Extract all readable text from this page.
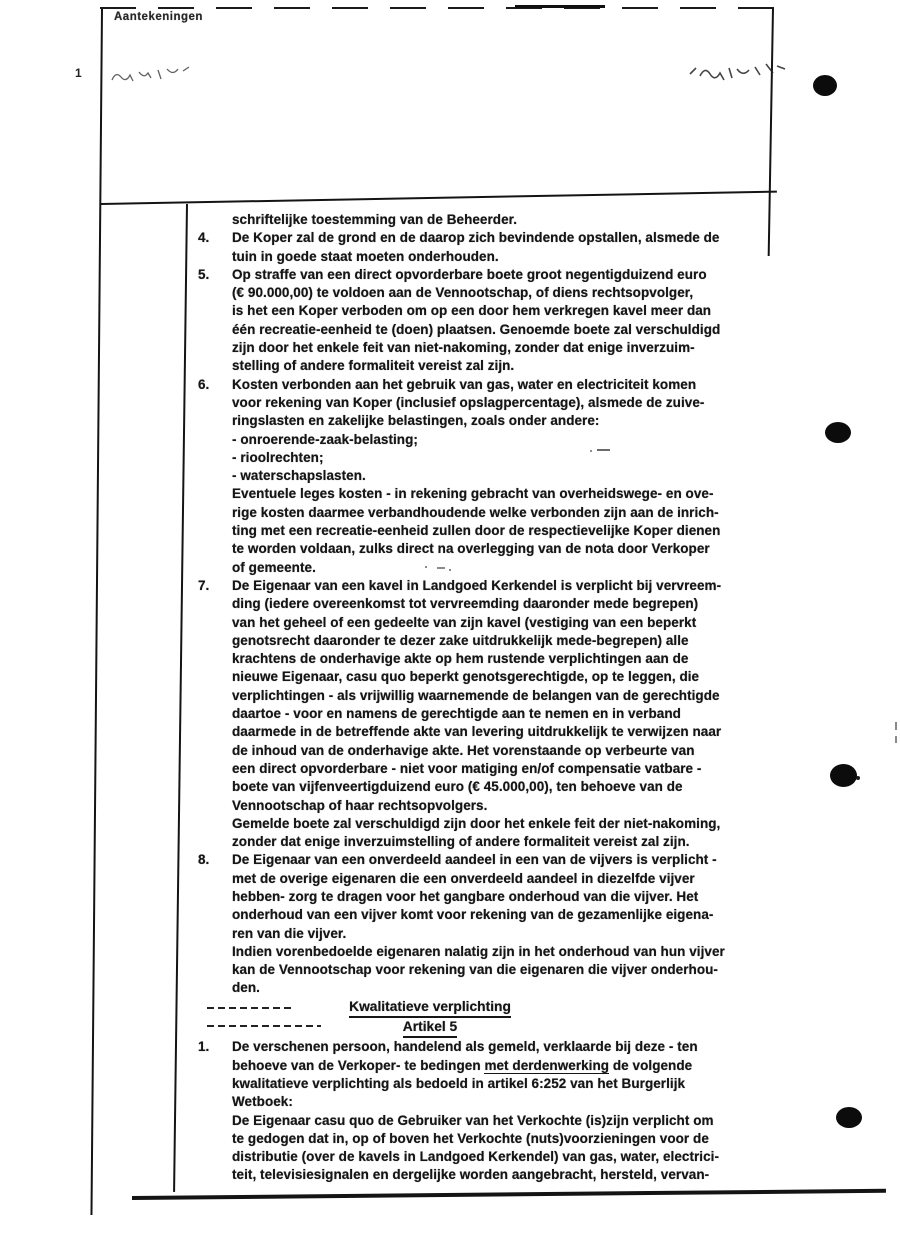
Aantekeningen
1
schriftelijke toestemming van de Beheerder.
4.	De Koper zal de grond en de daarop zich bevindende opstallen, alsmede de
tuin in goede staat moeten onderhouden.
5.	Op straffe van een direct opvorderbare boete groot negentigduizend euro
(€ 90.000,00) te voldoen aan de Vennootschap, of diens rechtsopvolger,
is het een Koper verboden om op een door hem verkregen kavel meer dan
één recreatie-eenheid te (doen) plaatsen. Genoemde boete zal verschuldigd
zijn door het enkele feit van niet-nakoming, zonder dat enige inverzuim-
stelling of andere formaliteit vereist zal zijn.
6.	Kosten verbonden aan het gebruik van gas, water en electriciteit komen
voor rekening van Koper (inclusief opslagpercentage), alsmede de zuive-
ringslasten en zakelijke belastingen, zoals onder andere:
- onroerende-zaak-belasting;
- rioolrechten;
- waterschapslasten.
Eventuele leges kosten - in rekening gebracht van overheidswege- en ove-
rige kosten daarmee verbandhoudende welke verbonden zijn aan de inrich-
ting met een recreatie-eenheid zullen door de respectievelijke Koper dienen
te worden voldaan, zulks direct na overlegging van de nota door Verkoper
of gemeente.
7.	De Eigenaar van een kavel in Landgoed Kerkendel is verplicht bij vervreem-
ding (iedere overeenkomst tot vervreemding daaronder mede begrepen)
van het geheel of een gedeelte van zijn kavel (vestiging van een beperkt
genotsrecht daaronder te dezer zake uitdrukkelijk mede-begrepen) alle
krachtens de onderhavige akte op hem rustende verplichtingen aan de
nieuwe Eigenaar, casu quo beperkt genotsgerechtigde, op te leggen, die
verplichtingen - als vrijwillig waarnemende de belangen van de gerechtigde
daartoe - voor en namens de gerechtigde aan te nemen en in verband
daarmede in de betreffende akte van levering uitdrukkelijk te verwijzen naar
de inhoud van de onderhavige akte. Het vorenstaande op verbeurte van
een direct opvorderbare - niet voor matiging en/of compensatie vatbare -
boete van vijfenveertigduizend euro (€ 45.000,00), ten behoeve van de
Vennootschap of haar rechtsopvolgers.
Gemelde boete zal verschuldigd zijn door het enkele feit der niet-nakoming,
zonder dat enige inverzuimstelling of andere formaliteit vereist zal zijn.
8.	De Eigenaar van een onverdeeld aandeel in een van de vijvers is verplicht -
met de overige eigenaren die een onverdeeld aandeel in diezelfde vijver
hebben- zorg te dragen voor het gangbare onderhoud van die vijver. Het
onderhoud van een vijver komt voor rekening van de gezamenlijke eigena-
ren van die vijver.
Indien vorenbedoelde eigenaren nalatig zijn in het onderhoud van hun vijver
kan de Vennootschap voor rekening van die eigenaren die vijver onderhou-
den.
Kwalitatieve verplichting
Artikel 5
1.	De verschenen persoon, handelend als gemeld, verklaarde bij deze - ten
behoeve van de Verkoper- te bedingen met derdenwerking de volgende
kwalitatieve verplichting als bedoeld in artikel 6:252 van het Burgerlijk
Wetboek:
De Eigenaar casu quo de Gebruiker van het Verkochte (is)zijn verplicht om
te gedogen dat in, op of boven het Verkochte (nuts)voorzieningen voor de
distributie (over de kavels in Landgoed Kerkendel) van gas, water, electrici-
teit, televisiesignalen en dergelijke worden aangebracht, hersteld, vervan-
